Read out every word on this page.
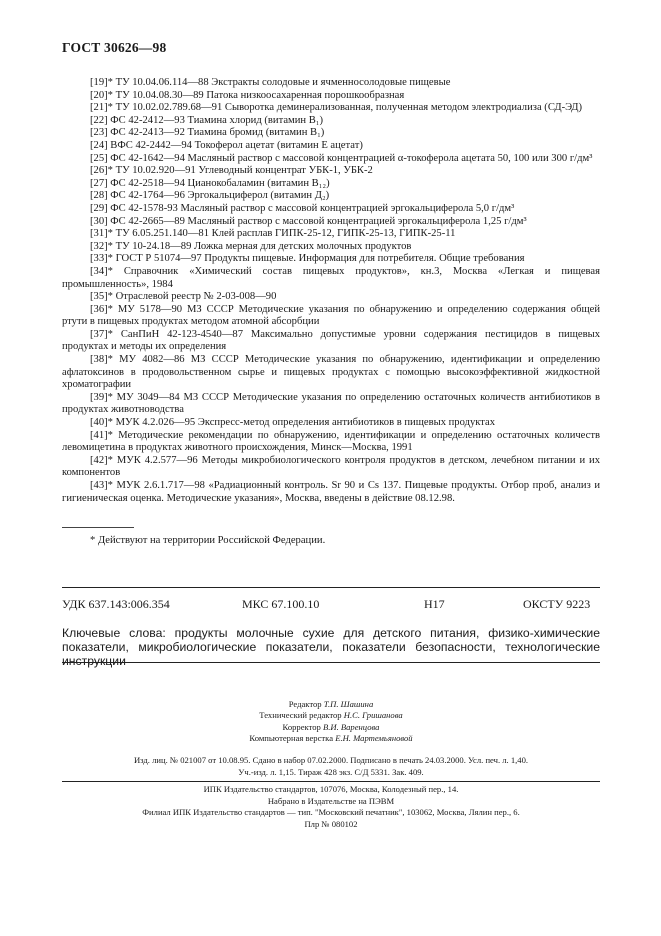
ГОСТ 30626—98

[19]* ТУ 10.04.06.114—88 Экстракты солодовые и ячменносолодовые пищевые

[20]* ТУ 10.04.08.30—89 Патока низкоосахаренная порошкообразная

[21]* ТУ 10.02.02.789.68—91 Сыворотка деминерализованная, полученная методом электродиализа (СД-ЭД)

[22] ФС 42-2412—93 Тиамина хлорид (витамин B₁)

[23] ФС 42-2413—92 Тиамина бромид (витамин B₁)

[24] ВФС 42-2442—94 Токоферол ацетат (витамин Е ацетат)

[25] ФС 42-1642—94 Масляный раствор с массовой концентрацией α-токоферола ацетата 50, 100 или 300 г/дм³

[26]* ТУ 10.02.920—91 Углеводный концентрат УБК-1, УБК-2

[27] ФС 42-2518—94 Цианокобаламин (витамин B₁₂)

[28] ФС 42-1764—96 Эргокальциферол (витамин Д₂)

[29] ФС 42-1578-93 Масляный раствор с массовой концентрацией эргокальциферола 5,0 г/дм³

[30] ФС 42-2665—89 Масляный раствор с массовой концентрацией эргокальциферола 1,25 г/дм³

[31]* ТУ 6.05.251.140—81 Клей расплав ГИПК-25-12, ГИПК-25-13, ГИПК-25-11

[32]* ТУ 10-24.18—89 Ложка мерная для детских молочных продуктов

[33]* ГОСТ Р 51074—97 Продукты пищевые. Информация для потребителя. Общие требования

[34]* Справочник «Химический состав пищевых продуктов», кн.3, Москва «Легкая и пищевая промышленность», 1984

[35]* Отраслевой реестр № 2-03-008—90

[36]* МУ 5178—90 МЗ СССР Методические указания по обнаружению и определению содержания общей ртути в пищевых продуктах методом атомной абсорбции

[37]* СанПиН 42-123-4540—87 Максимально допустимые уровни содержания пестицидов в пищевых продуктах и методы их определения

[38]* МУ 4082—86 МЗ СССР Методические указания по обнаружению, идентификации и определению афлатоксинов в продовольственном сырье и пищевых продуктах с помощью высокоэффективной жидкостной хроматографии

[39]* МУ 3049—84 МЗ СССР Методические указания по определению остаточных количеств антибиотиков в продуктах животноводства

[40]* МУК 4.2.026—95 Экспресс-метод определения антибиотиков в пищевых продуктах

[41]* Методические рекомендации по обнаружению, идентификации и определению остаточных количеств левомицетина в продуктах животного происхождения, Минск—Москва, 1991

[42]* МУК 4.2.577—96 Методы микробиологического контроля продуктов в детском, лечебном питании и их компонентов

[43]* МУК 2.6.1.717—98 «Радиационный контроль. Sr 90 и Cs 137. Пищевые продукты. Отбор проб, анализ и гигиеническая оценка. Методические указания», Москва, введены в действие 08.12.98.

* Действуют на территории Российской Федерации.
УДК 637.143:006.354	МКС 67.100.10	H17	ОКСТУ 9223
Ключевые слова: продукты молочные сухие для детского питания, физико-химические показатели, микробиологические показатели, показатели безопасности, технологические инструкции
Редактор Т.П. Шашина
Технический редактор Н.С. Гришанова
Корректор В.И. Варенцова
Компьютерная верстка Е.Н. Мартемьяновой
Изд. лиц. № 021007 от 10.08.95. Сдано в набор 07.02.2000. Подписано в печать 24.03.2000. Усл. печ. л. 1,40.
Уч.-изд. л. 1,15. Тираж 428 экз. С/Д 5331. Зак. 409.
ИПК Издательство стандартов, 107076, Москва, Колодезный пер., 14.
Набрано в Издательстве на ПЭВМ
Филиал ИПК Издательство стандартов — тип. "Московский печатник", 103062, Москва, Лялин пер., 6.
Плр № 080102
